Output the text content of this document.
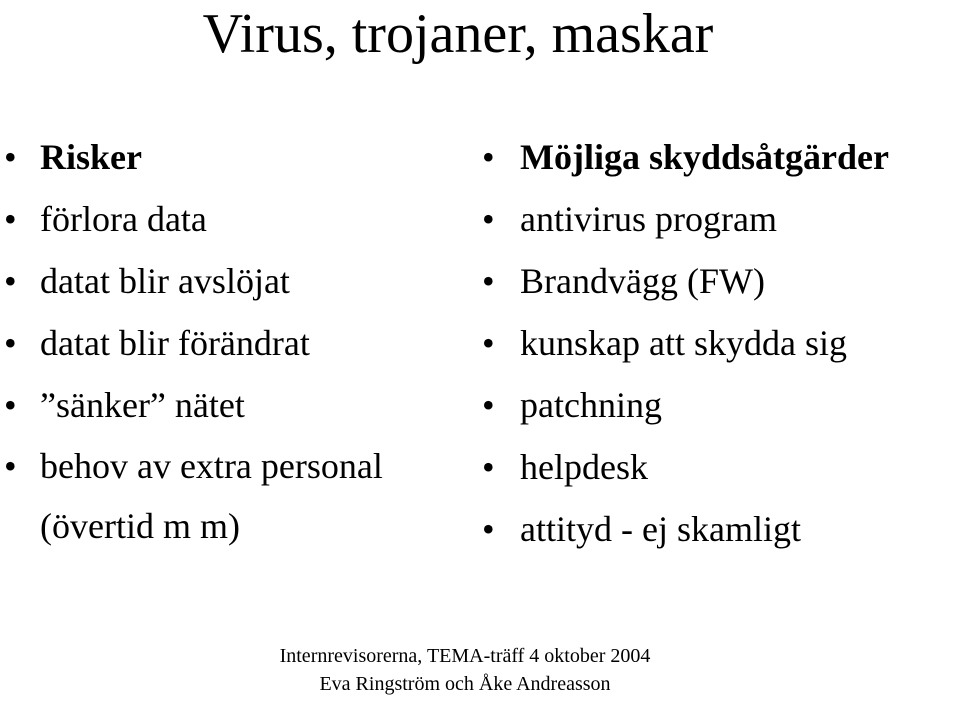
Virus, trojaner, maskar
• Risker
• förlora data
• datat blir avslöjat
• datat blir förändrat
• ”sänker” nätet
• behov av extra personal (övertid m m)
• Möjliga skyddsåtgärder
• antivirus program
• Brandvägg (FW)
• kunskap att skydda sig
• patchning
• helpdesk
• attityd - ej skamligt
Internrevisorerna, TEMA-träff 4 oktober 2004 Eva Ringström och Åke Andreasson
